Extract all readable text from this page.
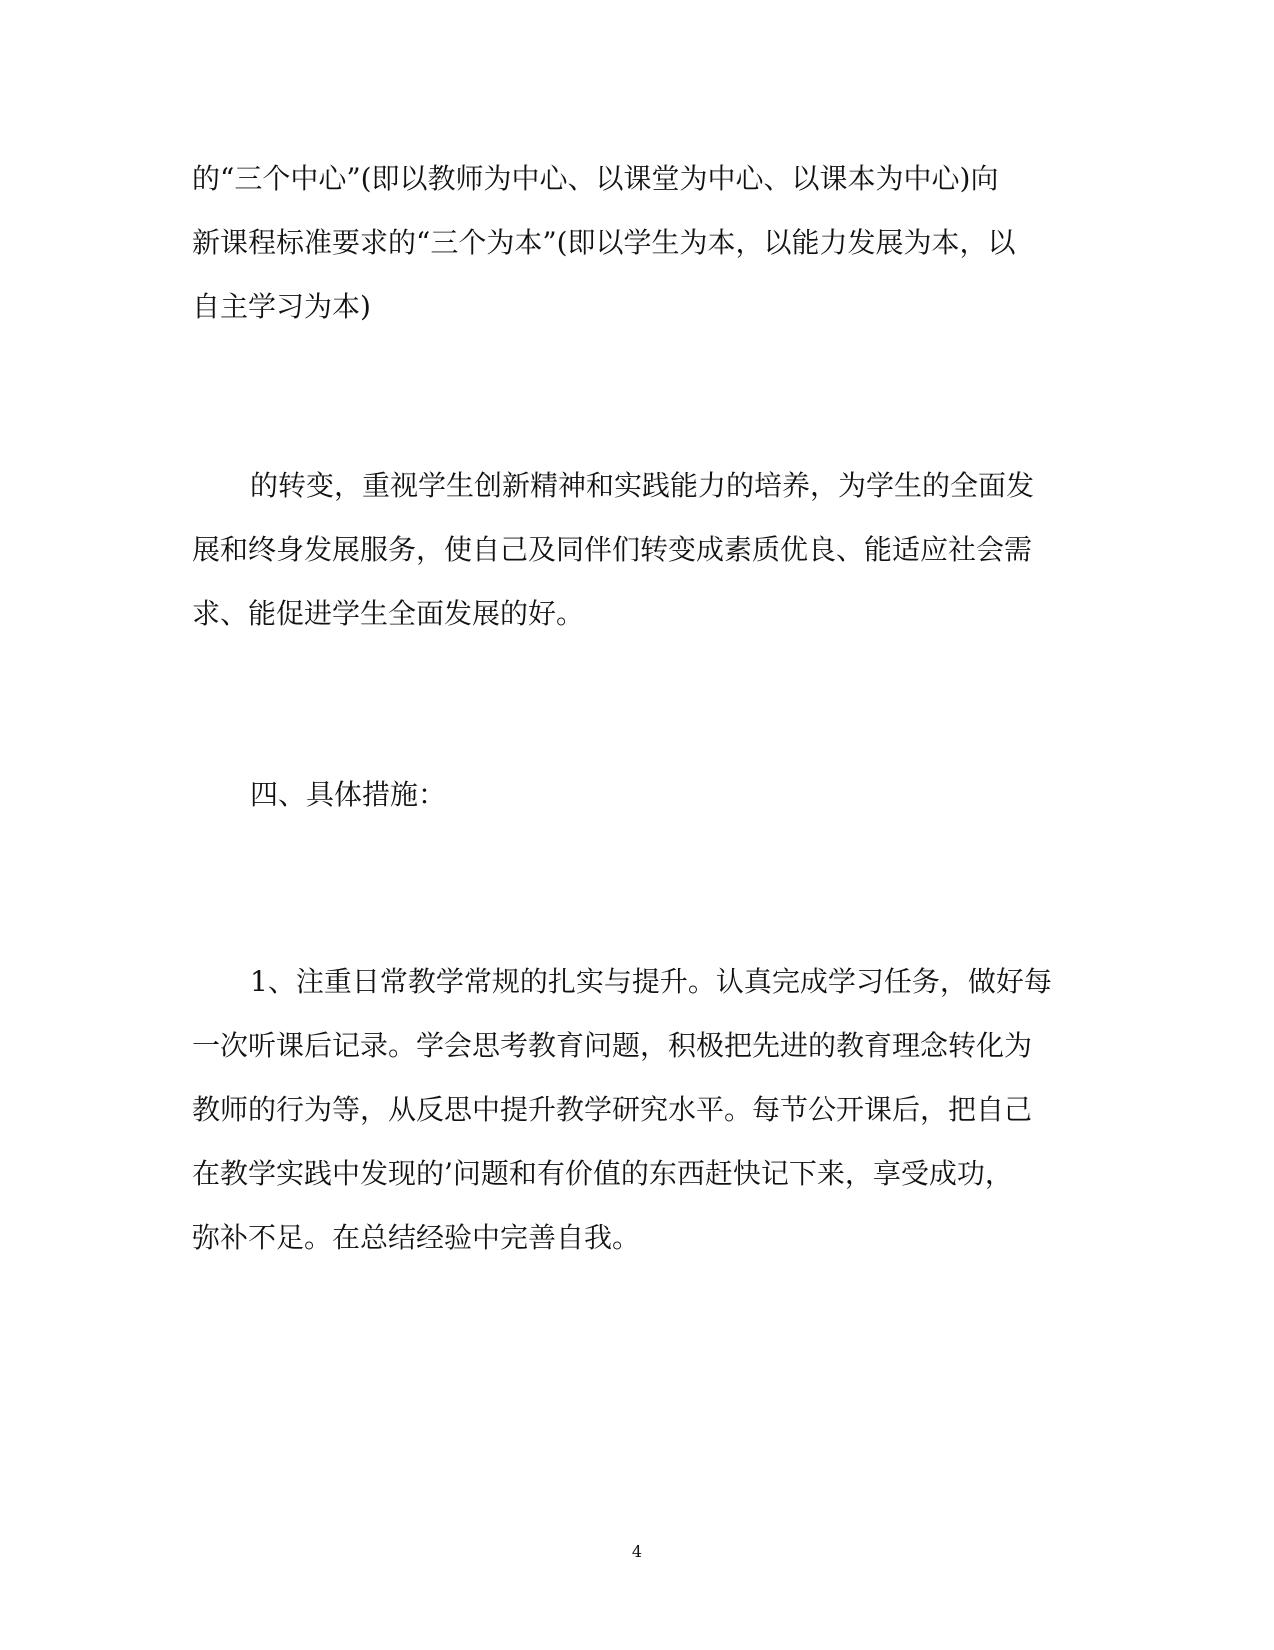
的“三个中心”(即以教师为中心、以课堂为中心、以课本为中心)向
新课程标准要求的“三个为本”(即以学生为本，以能力发展为本，以
自主学习为本)

的转变，重视学生创新精神和实践能力的培养，为学生的全面发
展和终身发展服务，使自己及同伴们转变成素质优良、能适应社会需
求、能促进学生全面发展的好。

四、具体措施：

1、注重日常教学常规的扎实与提升。认真完成学习任务，做好每
一次听课后记录。学会思考教育问题，积极把先进的教育理念转化为
教师的行为等，从反思中提升教学研究水平。每节公开课后，把自己
在教学实践中发现的’问题和有价值的东西赶快记下来，享受成功，
弥补不足。在总结经验中完善自我。

4
